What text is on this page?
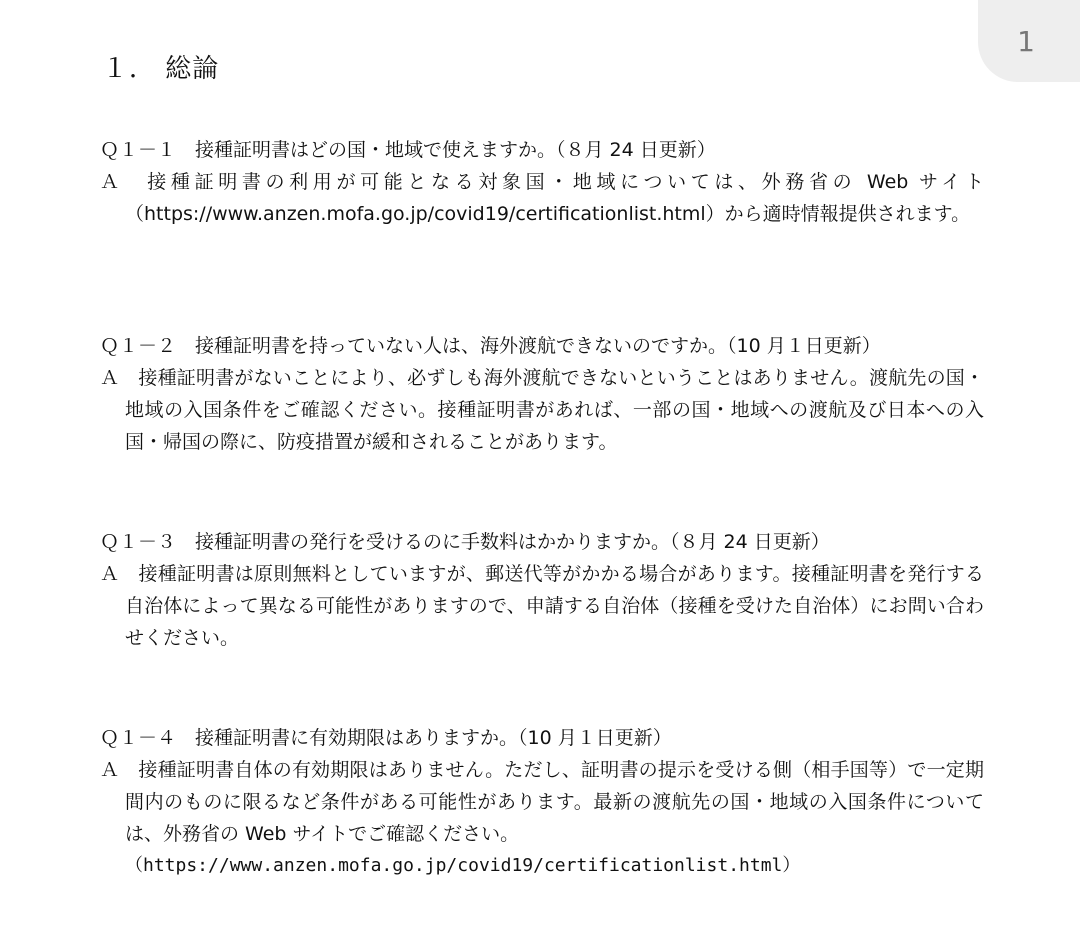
1
１． 総論

Ｑ１－１　接種証明書はどの国・地域で使えますか。（８月 24 日更新）

Ａ　接種証明書の利用が可能となる対象国・地域については、外務省の Web サイト（https://www.anzen.mofa.go.jp/covid19/certificationlist.html）から適時情報提供されます。

Ｑ１－２　接種証明書を持っていない人は、海外渡航できないのですか。（10 月１日更新）

Ａ　接種証明書がないことにより、必ずしも海外渡航できないということはありません。渡航先の国・地域の入国条件をご確認ください。接種証明書があれば、一部の国・地域への渡航及び日本への入国・帰国の際に、防疫措置が緩和されることがあります。

Ｑ１－３　接種証明書の発行を受けるのに手数料はかかりますか。（８月 24 日更新）

Ａ　接種証明書は原則無料としていますが、郵送代等がかかる場合があります。接種証明書を発行する自治体によって異なる可能性がありますので、申請する自治体（接種を受けた自治体）にお問い合わせください。

Ｑ１－４　接種証明書に有効期限はありますか。（10 月１日更新）

Ａ　接種証明書自体の有効期限はありません。ただし、証明書の提示を受ける側（相手国等）で一定期間内のものに限るなど条件がある可能性があります。最新の渡航先の国・地域の入国条件については、外務省の Web サイトでご確認ください。

（https://www.anzen.mofa.go.jp/covid19/certificationlist.html）
